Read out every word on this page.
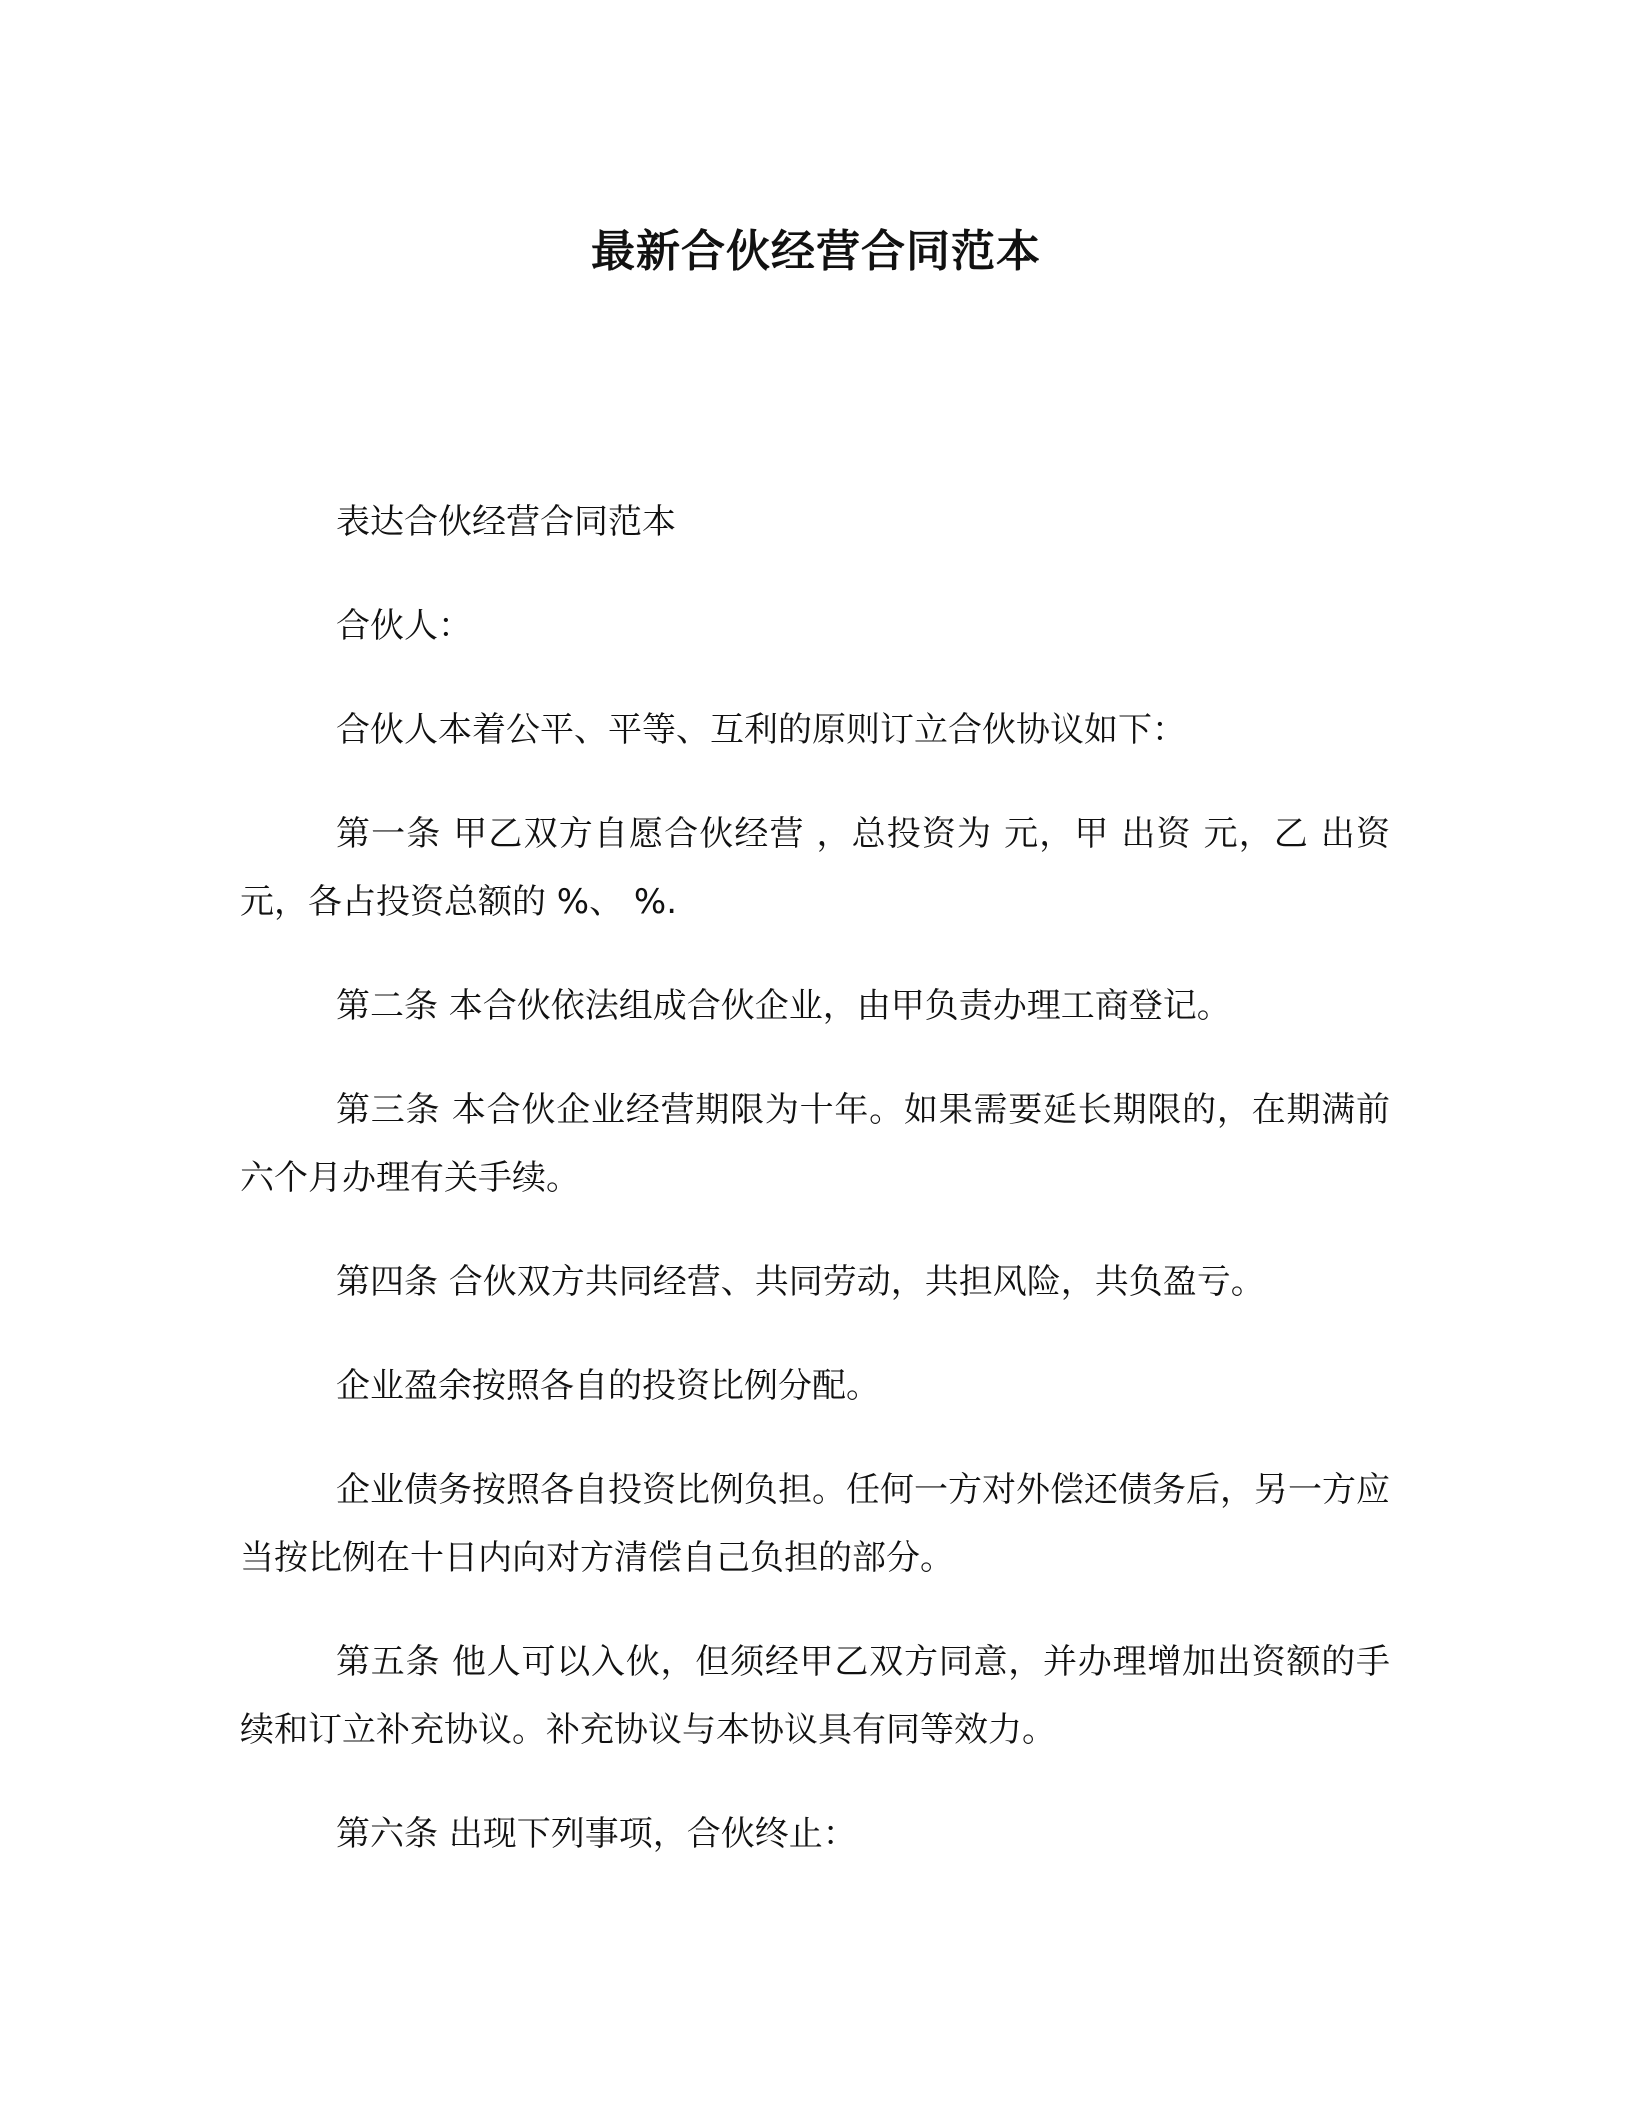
最新合伙经营合同范本

表达合伙经营合同范本

合伙人：

合伙人本着公平、平等、互利的原则订立合伙协议如下：

第一条 甲乙双方自愿合伙经营 ，总投资为 元，甲 出资 元，乙 出资 元，各占投资总额的 %、 %.

第二条 本合伙依法组成合伙企业，由甲负责办理工商登记。

第三条 本合伙企业经营期限为十年。如果需要延长期限的，在期满前六个月办理有关手续。

第四条 合伙双方共同经营、共同劳动，共担风险，共负盈亏。

企业盈余按照各自的投资比例分配。

企业债务按照各自投资比例负担。任何一方对外偿还债务后，另一方应当按比例在十日内向对方清偿自己负担的部分。

第五条 他人可以入伙，但须经甲乙双方同意，并办理增加出资额的手续和订立补充协议。补充协议与本协议具有同等效力。

第六条 出现下列事项，合伙终止：
